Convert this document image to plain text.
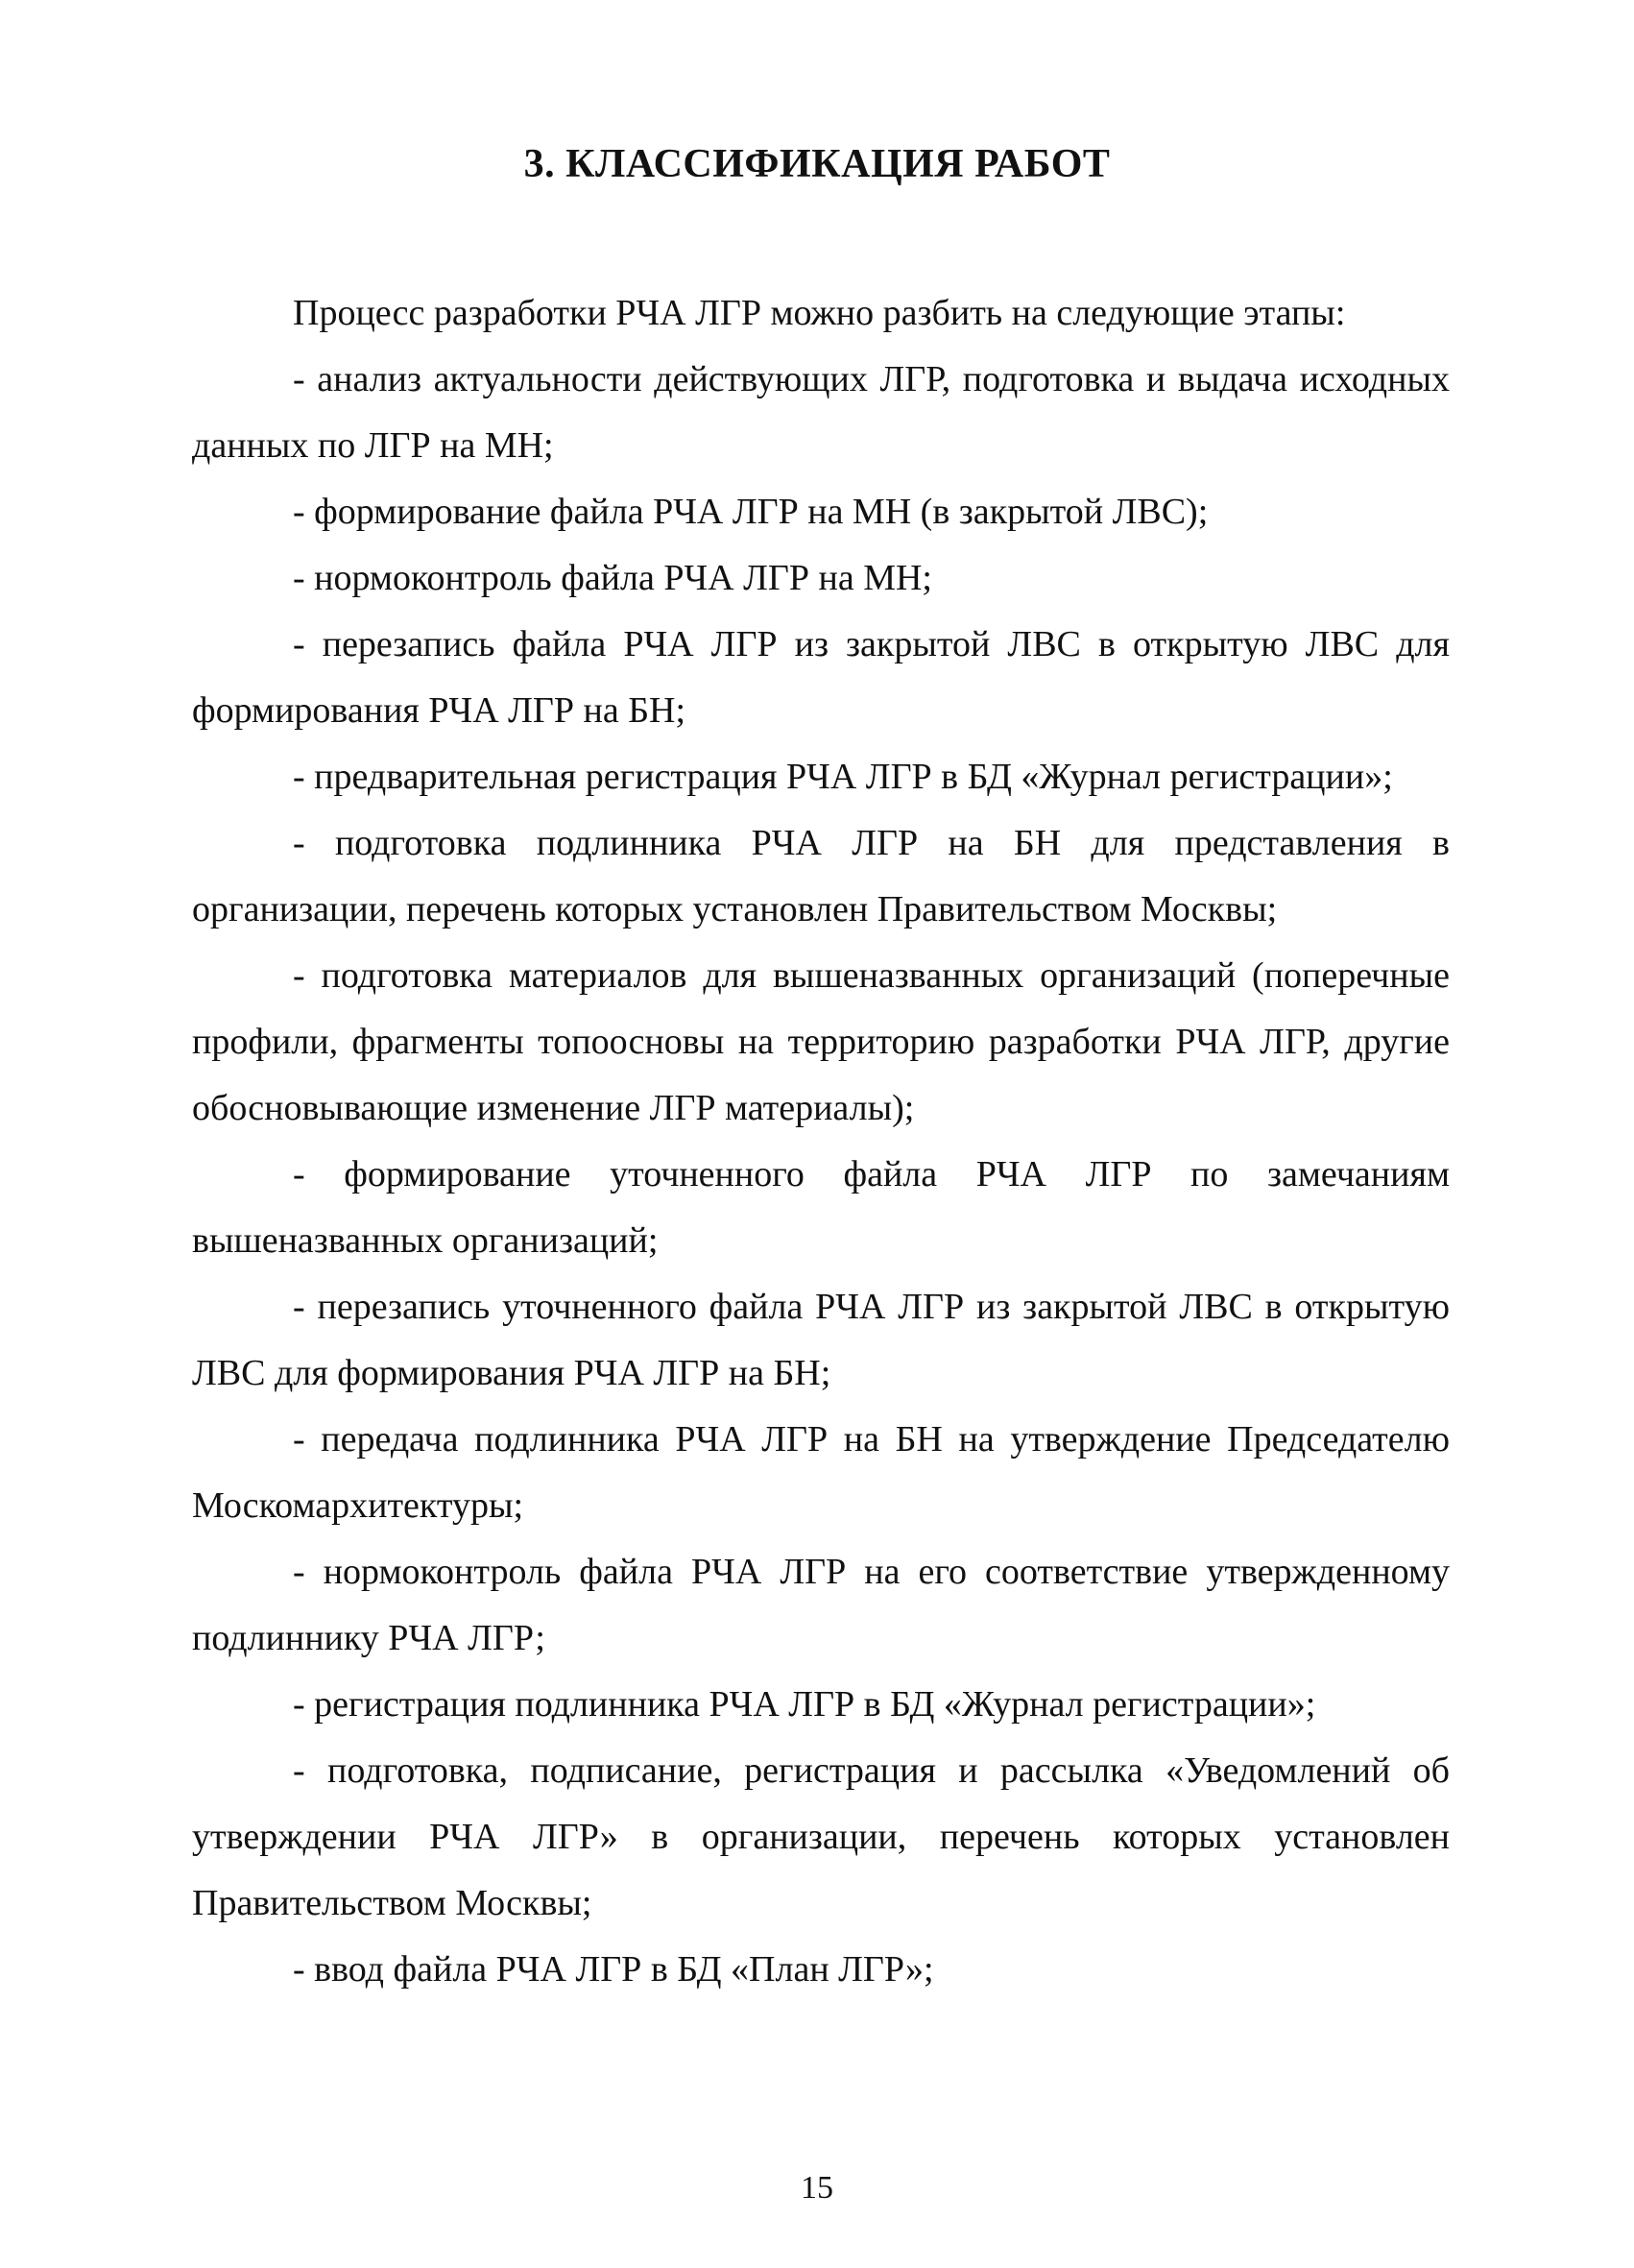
3. КЛАССИФИКАЦИЯ РАБОТ

Процесс разработки РЧА ЛГР можно разбить на следующие этапы:

- анализ актуальности действующих ЛГР, подготовка и выдача исходных данных по ЛГР на МН;

- формирование файла РЧА ЛГР на МН (в закрытой ЛВС);

- нормоконтроль файла РЧА ЛГР на МН;

- перезапись файла РЧА ЛГР из закрытой ЛВС в открытую ЛВС для формирования РЧА ЛГР на БН;

- предварительная регистрация РЧА ЛГР в БД «Журнал регистрации»;

- подготовка подлинника РЧА ЛГР на БН для представления в организации, перечень которых установлен Правительством Москвы;

- подготовка материалов для вышеназванных организаций (поперечные профили, фрагменты топоосновы на территорию разработки РЧА ЛГР, другие обосновывающие изменение ЛГР материалы);

- формирование уточненного файла РЧА ЛГР по замечаниям вышеназванных организаций;

- перезапись уточненного файла РЧА ЛГР из закрытой ЛВС в открытую ЛВС для формирования РЧА ЛГР на БН;

- передача подлинника РЧА ЛГР на БН на утверждение Председателю Москомархитектуры;

- нормоконтроль файла РЧА ЛГР на его соответствие утвержденному подлиннику РЧА ЛГР;

- регистрация подлинника РЧА ЛГР в БД «Журнал регистрации»;

- подготовка, подписание, регистрация и рассылка «Уведомлений об утверждении РЧА ЛГР» в организации, перечень которых установлен Правительством Москвы;

- ввод файла РЧА ЛГР в БД «План ЛГР»;

15
